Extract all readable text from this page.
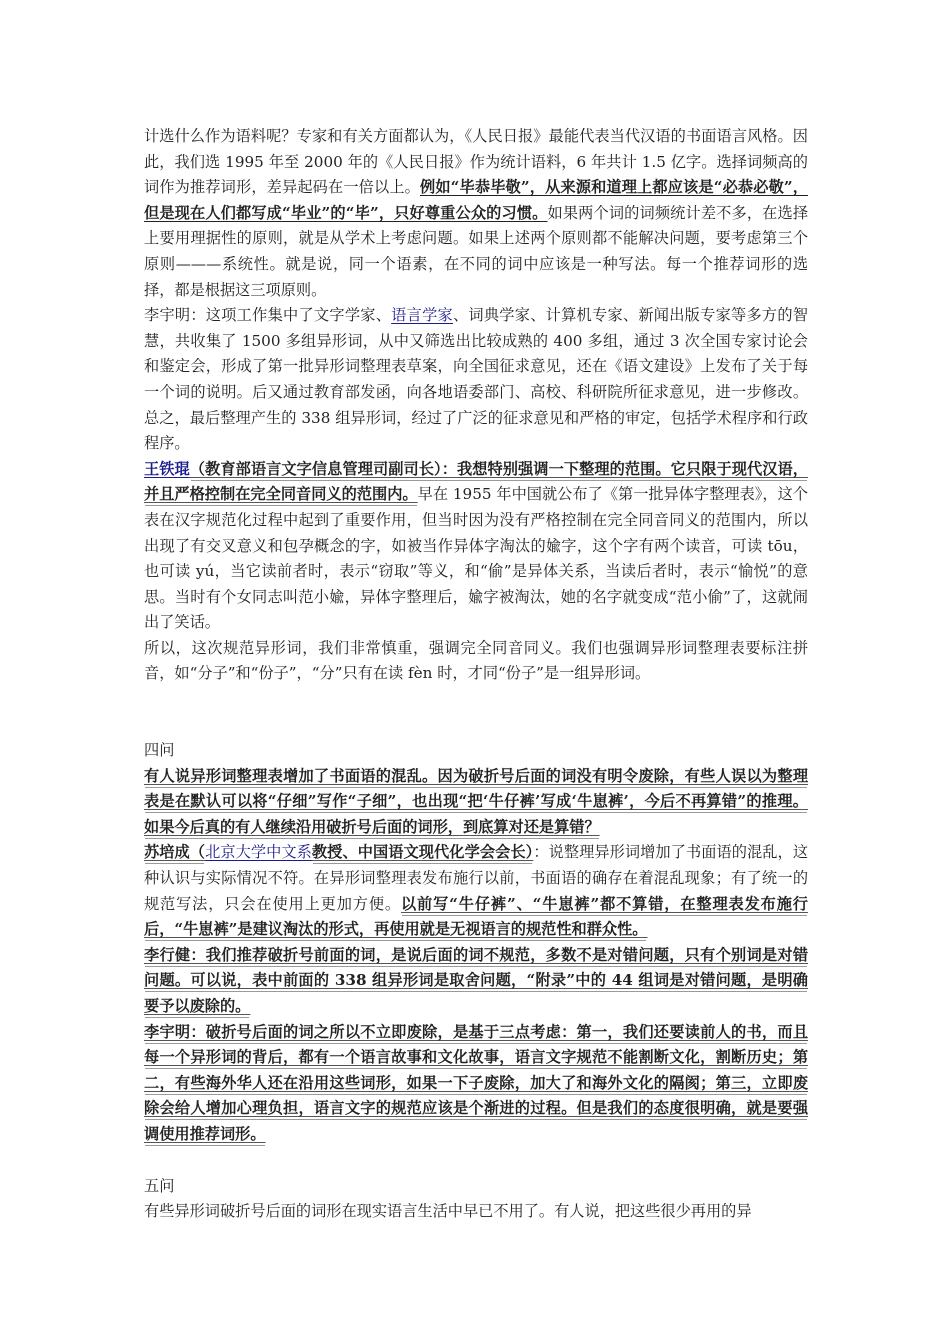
计选什么作为语料呢？专家和有关方面都认为，《人民日报》最能代表当代汉语的书面语言风格。因此，我们选 1995 年至 2000 年的《人民日报》作为统计语料，6 年共计 1.5 亿字。选择词频高的词作为推荐词形，差异起码在一倍以上。例如“毕恭毕敬”，从来源和道理上都应该是“必恭必敬”，但是现在人们都写成“毕业”的“毕”，只好尊重公众的习惯。如果两个词的词频统计差不多，在选择上要用理据性的原则，就是从学术上考虑问题。如果上述两个原则都不能解决问题，要考虑第三个原则———系统性。就是说，同一个语素，在不同的词中应该是一种写法。每一个推荐词形的选择，都是根据这三项原则。

李宇明：这项工作集中了文字学家、语言学家、词典学家、计算机专家、新闻出版专家等多方的智慧，共收集了 1500 多组异形词，从中又筛选出比较成熟的 400 多组，通过 3 次全国专家讨论会和鉴定会，形成了第一批异形词整理表草案，向全国征求意见，还在《语文建设》上发布了关于每一个词的说明。后又通过教育部发函，向各地语委部门、高校、科研院所征求意见，进一步修改。总之，最后整理产生的 338 组异形词，经过了广泛的征求意见和严格的审定，包括学术程序和行政程序。

王铁琨（教育部语言文字信息管理司副司长）：我想特别强调一下整理的范围。它只限于现代汉语，并且严格控制在完全同音同义的范围内。早在 1955 年中国就公布了《第一批异体字整理表》，这个表在汉字规范化过程中起到了重要作用，但当时因为没有严格控制在完全同音同义的范围内，所以出现了有交叉意义和包孕概念的字，如被当作异体字淘汰的婾字，这个字有两个读音，可读 tōu，也可读 yú，当它读前者时，表示“窃取”等义，和“偷”是异体关系，当读后者时，表示“愉悦”的意思。当时有个女同志叫范小婾，异体字整理后，婾字被淘汰，她的名字就变成“范小偷”了，这就闹出了笑话。

所以，这次规范异形词，我们非常慎重，强调完全同音同义。我们也强调异形词整理表要标注拼音，如“分子”和“份子”，“分”只有在读 fèn 时，才同“份子”是一组异形词。

四问

有人说异形词整理表增加了书面语的混乱。因为破折号后面的词没有明令废除，有些人误以为整理表是在默认可以将“仔细”写作“子细”，也出现“把‘牛仔裤’写成‘牛崽裤’，今后不再算错”的推理。如果今后真的有人继续沿用破折号后面的词形，到底算对还是算错？

苏培成（北京大学中文系教授、中国语文现代化学会会长）：说整理异形词增加了书面语的混乱，这种认识与实际情况不符。在异形词整理表发布施行以前，书面语的确存在着混乱现象；有了统一的规范写法，只会在使用上更加方便。以前写“牛仔裤”、“牛崽裤”都不算错，在整理表发布施行后，“牛崽裤”是建议淘汰的形式，再使用就是无视语言的规范性和群众性。

李行健：我们推荐破折号前面的词，是说后面的词不规范，多数不是对错问题，只有个别词是对错问题。可以说，表中前面的 338 组异形词是取舍问题，“附录”中的 44 组词是对错问题，是明确要予以废除的。

李宇明：破折号后面的词之所以不立即废除，是基于三点考虑：第一，我们还要读前人的书，而且每一个异形词的背后，都有一个语言故事和文化故事，语言文字规范不能割断文化，割断历史；第二，有些海外华人还在沿用这些词形，如果一下子废除，加大了和海外文化的隔阂；第三，立即废除会给人增加心理负担，语言文字的规范应该是个渐进的过程。但是我们的态度很明确，就是要强调使用推荐词形。

五问

有些异形词破折号后面的词形在现实语言生活中早已不用了。有人说，把这些很少再用的异
